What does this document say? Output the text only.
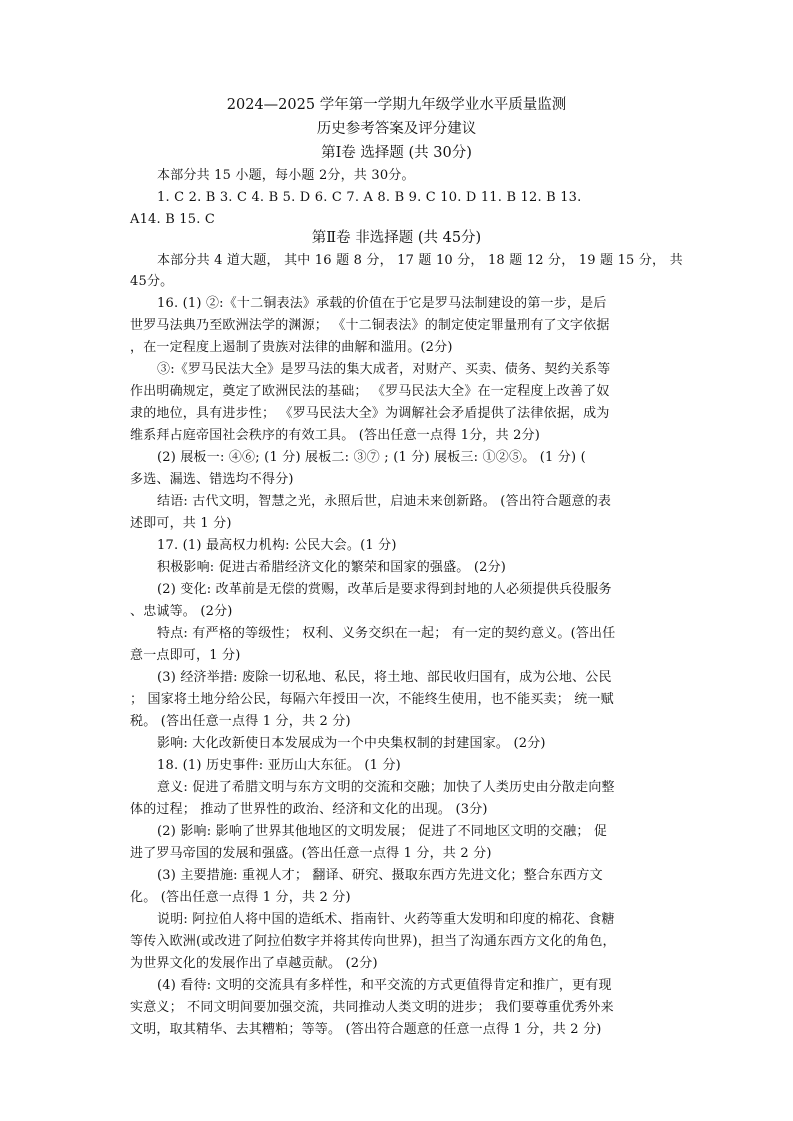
2024—2025 学年第一学期九年级学业水平质量监测
历史参考答案及评分建议
第Ⅰ卷 选择题 (共 30分)
本部分共 15 小题，每小题 2分，共 30分。
1. C 2. B 3. C 4. B 5. D 6. C 7. A 8. B 9. C 10. D 11. B 12. B 13.
A14. B 15. C
第Ⅱ卷 非选择题 (共 45分)
本部分共 4 道大题， 其中 16 题 8 分， 17 题 10 分， 18 题 12 分， 19 题 15 分， 共
45分。
16. (1) ②:《十二铜表法》承载的价值在于它是罗马法制建设的第一步，是后
世罗马法典乃至欧洲法学的渊源； 《十二铜表法》的制定使定罪量刑有了文字依据
，在一定程度上遏制了贵族对法律的曲解和滥用。(2分)
③:《罗马民法大全》是罗马法的集大成者，对财产、买卖、债务、契约关系等
作出明确规定，奠定了欧洲民法的基础； 《罗马民法大全》在一定程度上改善了奴
隶的地位，具有进步性； 《罗马民法大全》为调解社会矛盾提供了法律依据，成为
维系拜占庭帝国社会秩序的有效工具。 (答出任意一点得 1分，共 2分)
(2) 展板一: ④⑥; (1 分) 展板二: ③⑦ ; (1 分) 展板三: ①②⑤。 (1 分) (
多选、漏选、错选均不得分)
结语: 古代文明，智慧之光，永照后世，启迪未来创新路。 (答出符合题意的表
述即可，共 1 分)
17. (1) 最高权力机构: 公民大会。(1 分)
积极影响: 促进古希腊经济文化的繁荣和国家的强盛。 (2分)
(2) 变化: 改革前是无偿的赏赐，改革后是要求得到封地的人必须提供兵役服务
、忠诚等。 (2分)
特点: 有严格的等级性； 权利、义务交织在一起； 有一定的契约意义。(答出任
意一点即可，1 分)
(3) 经济举措: 废除一切私地、私民，将土地、部民收归国有，成为公地、公民
； 国家将土地分给公民，每隔六年授田一次，不能终生使用，也不能买卖； 统一赋
税。 (答出任意一点得 1 分，共 2 分)
影响: 大化改新使日本发展成为一个中央集权制的封建国家。 (2分)
18. (1) 历史事件: 亚历山大东征。 (1 分)
意义: 促进了希腊文明与东方文明的交流和交融；加快了人类历史由分散走向整
体的过程； 推动了世界性的政治、经济和文化的出现。 (3分)
(2) 影响: 影响了世界其他地区的文明发展； 促进了不同地区文明的交融； 促
进了罗马帝国的发展和强盛。(答出任意一点得 1 分，共 2 分)
(3) 主要措施: 重视人才； 翻译、研究、摄取东西方先进文化；整合东西方文
化。 (答出任意一点得 1 分，共 2 分)
说明: 阿拉伯人将中国的造纸术、指南针、火药等重大发明和印度的棉花、食糖
等传入欧洲(或改进了阿拉伯数字并将其传向世界)，担当了沟通东西方文化的角色，
为世界文化的发展作出了卓越贡献。 (2分)
(4) 看待: 文明的交流具有多样性，和平交流的方式更值得肯定和推广，更有现
实意义； 不同文明间要加强交流，共同推动人类文明的进步； 我们要尊重优秀外来
文明，取其精华、去其糟粕；等等。 (答出符合题意的任意一点得 1 分，共 2 分)
